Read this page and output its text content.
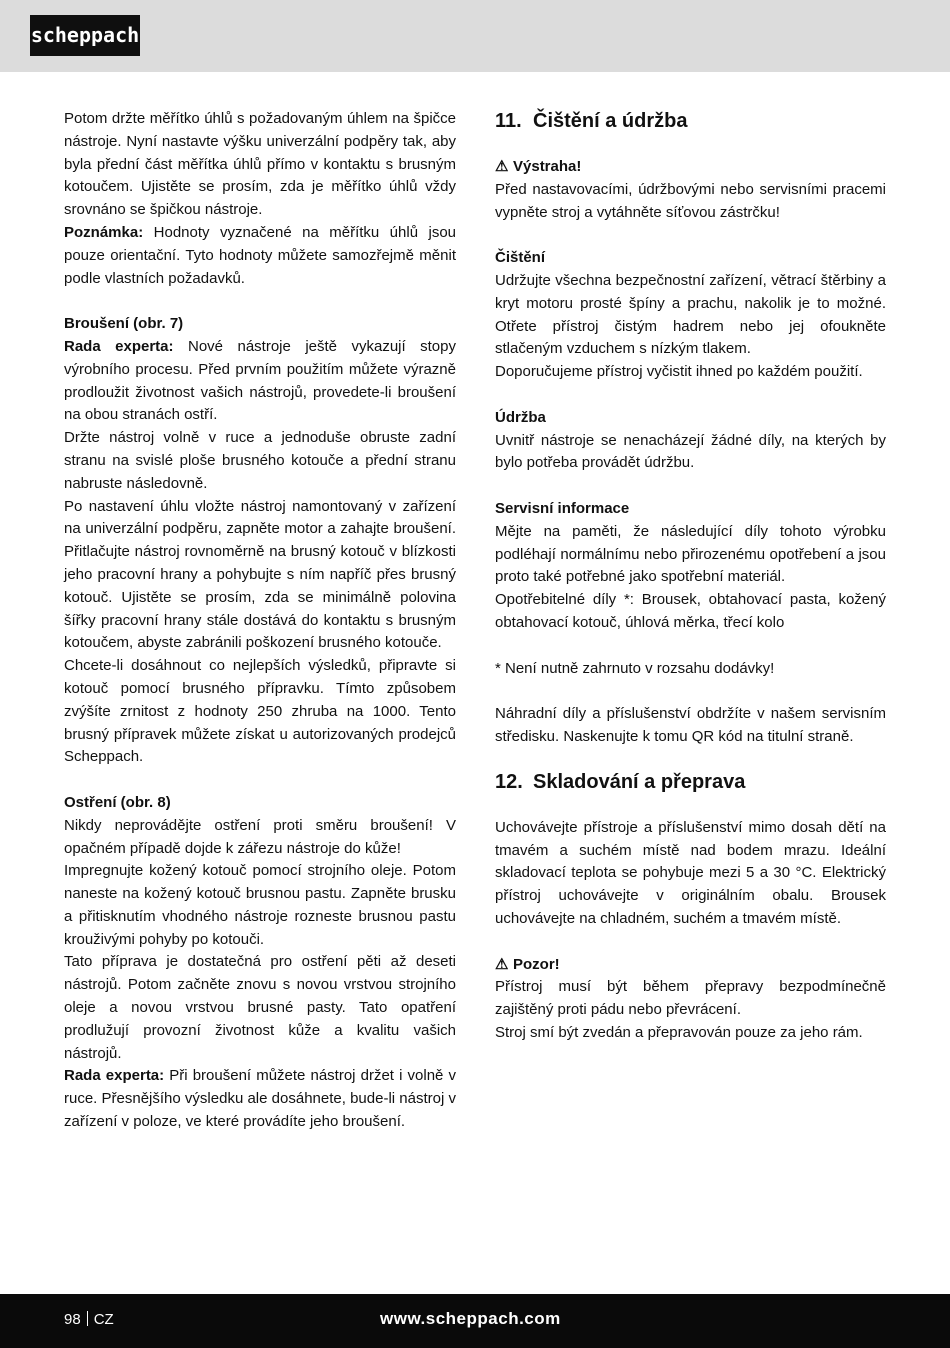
scheppach

Potom držte měřítko úhlů s požadovaným úhlem na špičce nástroje. Nyní nastavte výšku univerzální podpěry tak, aby byla přední část měřítka úhlů přímo v kontaktu s brusným kotoučem. Ujistěte se prosím, zda je měřítko úhlů vždy srovnáno se špičkou nástroje.

Poznámka: Hodnoty vyznačené na měřítku úhlů jsou pouze orientační. Tyto hodnoty můžete samozřejmě měnit podle vlastních požadavků.

Broušení (obr. 7)

Rada experta: Nové nástroje ještě vykazují stopy výrobního procesu. Před prvním použitím můžete výrazně prodloužit životnost vašich nástrojů, provedete-li broušení na obou stranách ostří.

Držte nástroj volně v ruce a jednoduše obruste zadní stranu na svislé ploše brusného kotouče a přední stranu nabruste následovně.

Po nastavení úhlu vložte nástroj namontovaný v zařízení na univerzální podpěru, zapněte motor a zahajte broušení. Přitlačujte nástroj rovnoměrně na brusný kotouč v blízkosti jeho pracovní hrany a pohybujte s ním napříč přes brusný kotouč. Ujistěte se prosím, zda se minimálně polovina šířky pracovní hrany stále dostává do kontaktu s brusným kotoučem, abyste zabránili poškození brusného kotouče.

Chcete-li dosáhnout co nejlepších výsledků, připravte si kotouč pomocí brusného přípravku. Tímto způsobem zvýšíte zrnitost z hodnoty 250 zhruba na 1000. Tento brusný přípravek můžete získat u autorizovaných prodejců Scheppach.

Ostření (obr. 8)

Nikdy neprovádějte ostření proti směru broušení! V opačném případě dojde k zářezu nástroje do kůže!

Impregnujte kožený kotouč pomocí strojního oleje. Potom naneste na kožený kotouč brusnou pastu. Zapněte brusku a přitisknutím vhodného nástroje rozneste brusnou pastu krouživými pohyby po kotouči.

Tato příprava je dostatečná pro ostření pěti až deseti nástrojů. Potom začněte znovu s novou vrstvou strojního oleje a novou vrstvou brusné pasty. Tato opatření prodlužují provozní životnost kůže a kvalitu vašich nástrojů.

Rada experta: Při broušení můžete nástroj držet i volně v ruce. Přesnějšího výsledku ale dosáhnete, bude-li nástroj v zařízení v poloze, ve které provádíte jeho broušení.

11. Čištění a údržba

⚠ Výstraha!

Před nastavovacími, údržbovými nebo servisními pracemi vypněte stroj a vytáhněte síťovou zástrčku!

Čištění

Udržujte všechna bezpečnostní zařízení, větrací štěrbiny a kryt motoru prosté špíny a prachu, nakolik je to možné. Otřete přístroj čistým hadrem nebo jej ofoukněte stlačeným vzduchem s nízkým tlakem.

Doporučujeme přístroj vyčistit ihned po každém použití.

Údržba

Uvnitř nástroje se nenacházejí žádné díly, na kterých by bylo potřeba provádět údržbu.

Servisní informace

Mějte na paměti, že následující díly tohoto výrobku podléhají normálnímu nebo přirozenému opotřebení a jsou proto také potřebné jako spotřební materiál.

Opotřebitelné díly *: Brousek, obtahovací pasta, kožený obtahovací kotouč, úhlová měrka, třecí kolo

* Není nutně zahrnuto v rozsahu dodávky!

Náhradní díly a příslušenství obdržíte v našem servisním středisku. Naskenujte k tomu QR kód na titulní straně.

12. Skladování a přeprava

Uchovávejte přístroje a příslušenství mimo dosah dětí na tmavém a suchém místě nad bodem mrazu. Ideální skladovací teplota se pohybuje mezi 5 a 30 °C. Elektrický přístroj uchovávejte v originálním obalu. Brousek uchovávejte na chladném, suchém a tmavém místě.

⚠ Pozor!

Přístroj musí být během přepravy bezpodmínečně zajištěný proti pádu nebo převrácení.

Stroj smí být zvedán a přepravován pouze za jeho rám.

98 CZ	www.scheppach.com
